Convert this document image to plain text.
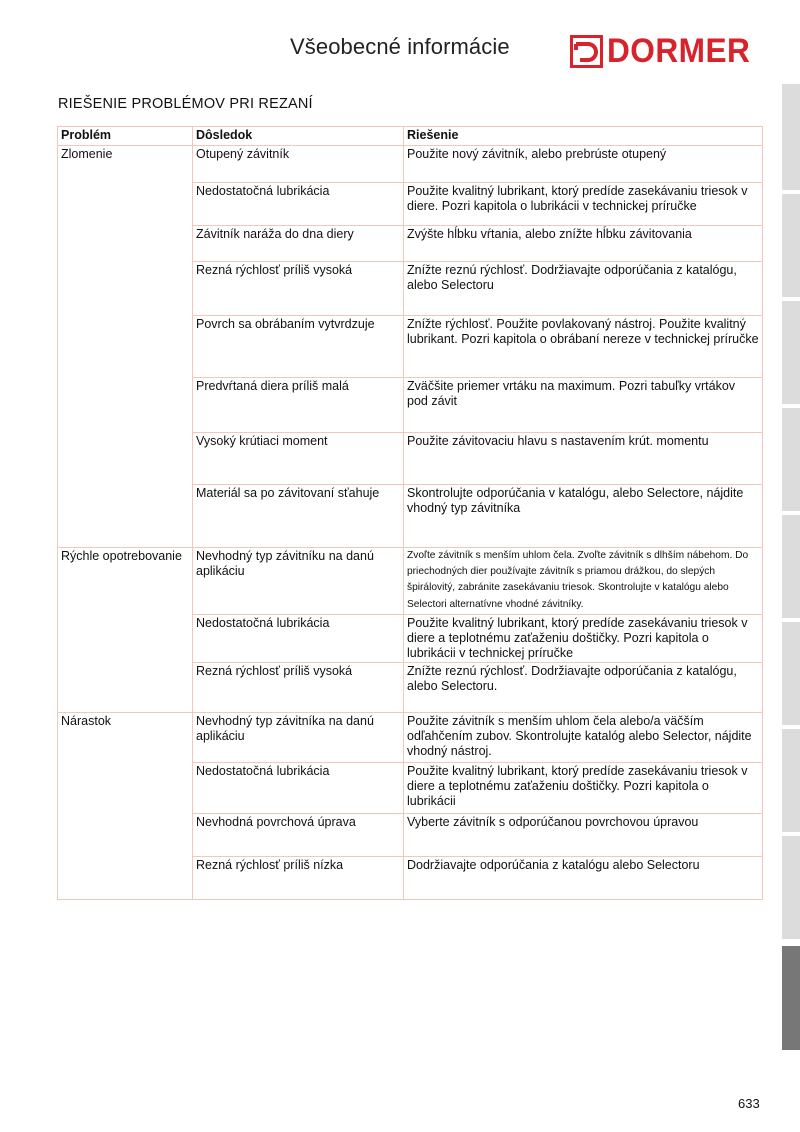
Všeobecné informácie	DORMER
RIEŠENIE PROBLÉMOV PRI REZANÍ
Problém	Dôsledok	Riešenie
Zlomenie	Otupený závitník	Použite nový závitník, alebo prebrúste otupený
	Nedostatočná lubrikácia	Použite kvalitný lubrikant, ktorý predíde zasekávaniu triesok v diere. Pozri kapitola o lubrikácii v technickej príručke
	Závitník naráža do dna diery	Zvýšte hĺbku vŕtania, alebo znížte hĺbku závitovania
	Rezná rýchlosť príliš vysoká	Znížte reznú rýchlosť. Dodržiavajte odporúčania z katalógu, alebo Selectoru
	Povrch sa obrábaním vytvrdzuje	Znížte rýchlosť. Použite povlakovaný nástroj. Použite kvalitný lubrikant. Pozri kapitola o obrábaní nereze v technickej príručke
	Predvŕtaná diera príliš malá	Zväčšite priemer vrtáku na maximum. Pozri tabuľky vrtákov pod závit
	Vysoký krútiaci moment	Použite závitovaciu hlavu s nastavením krút. momentu
	Materiál sa po závitovaní sťahuje	Skontrolujte odporúčania v katalógu, alebo Selectore, nájdite vhodný typ závitníka
Rýchle opotrebovanie	Nevhodný typ závitníku na danú aplikáciu	Zvoľte závitník s menším uhlom čela. Zvoľte závitník s dlhším nábehom. Do priechodných dier používajte závitník s priamou drážkou, do slepých špirálovitý, zabránite zasekávaniu triesok. Skontrolujte v katalógu alebo Selectori alternatívne vhodné závitníky.
	Nedostatočná lubrikácia	Použite kvalitný lubrikant, ktorý predíde zasekávaniu triesok v diere a teplotnému zaťaženiu doštičky. Pozri kapitola o lubrikácii v technickej príručke
	Rezná rýchlosť príliš vysoká	Znížte reznú rýchlosť. Dodržiavajte odporúčania z katalógu, alebo Selectoru.
Nárastok	Nevhodný typ závitníka na danú aplikáciu	Použite závitník s menším uhlom čela alebo/a väčším odľahčením zubov. Skontrolujte katalóg alebo Selector, nájdite vhodný nástroj.
	Nedostatočná lubrikácia	Použite kvalitný lubrikant, ktorý predíde zasekávaniu triesok v diere a teplotnému zaťaženiu doštičky. Pozri kapitola o lubrikácii
	Nevhodná povrchová úprava	Vyberte závitník s odporúčanou povrchovou úpravou
	Rezná rýchlosť príliš nízka	Dodržiavajte odporúčania z katalógu alebo Selectoru
633
